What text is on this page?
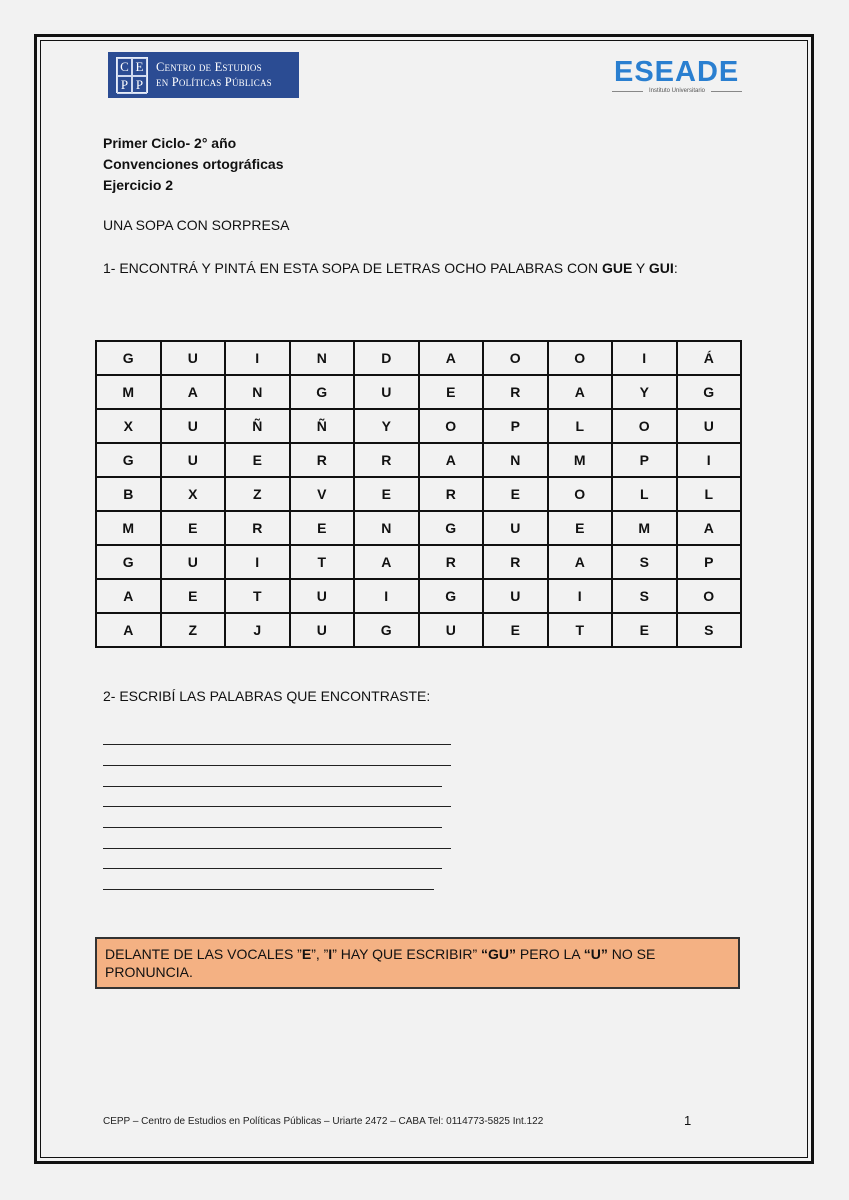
C E
P P
Centro de Estudios
en Políticas Públicas	ESEADE
Instituto Universitario
Primer Ciclo- 2° año
Convenciones ortográficas
Ejercicio 2
UNA SOPA CON SORPRESA
1- ENCONTRÁ Y PINTÁ EN ESTA SOPA DE LETRAS OCHO PALABRAS CON GUE Y GUI:
G	U	I	N	D	A	O	O	I	Á
M	A	N	G	U	E	R	A	Y	G
X	U	Ñ	Ñ	Y	O	P	L	O	U
G	U	E	R	R	A	N	M	P	I
B	X	Z	V	E	R	E	O	L	L
M	E	R	E	N	G	U	E	M	A
G	U	I	T	A	R	R	A	S	P
A	E	T	U	I	G	U	I	S	O
A	Z	J	U	G	U	E	T	E	S
2- ESCRIBÍ LAS PALABRAS QUE ENCONTRASTE:
DELANTE DE LAS VOCALES ”E”, ”I” HAY QUE ESCRIBIR” “GU” PERO LA “U” NO SE PRONUNCIA.
CEPP – Centro de Estudios en Políticas Públicas – Uriarte 2472 – CABA Tel: 0114773-5825 Int.122	1
